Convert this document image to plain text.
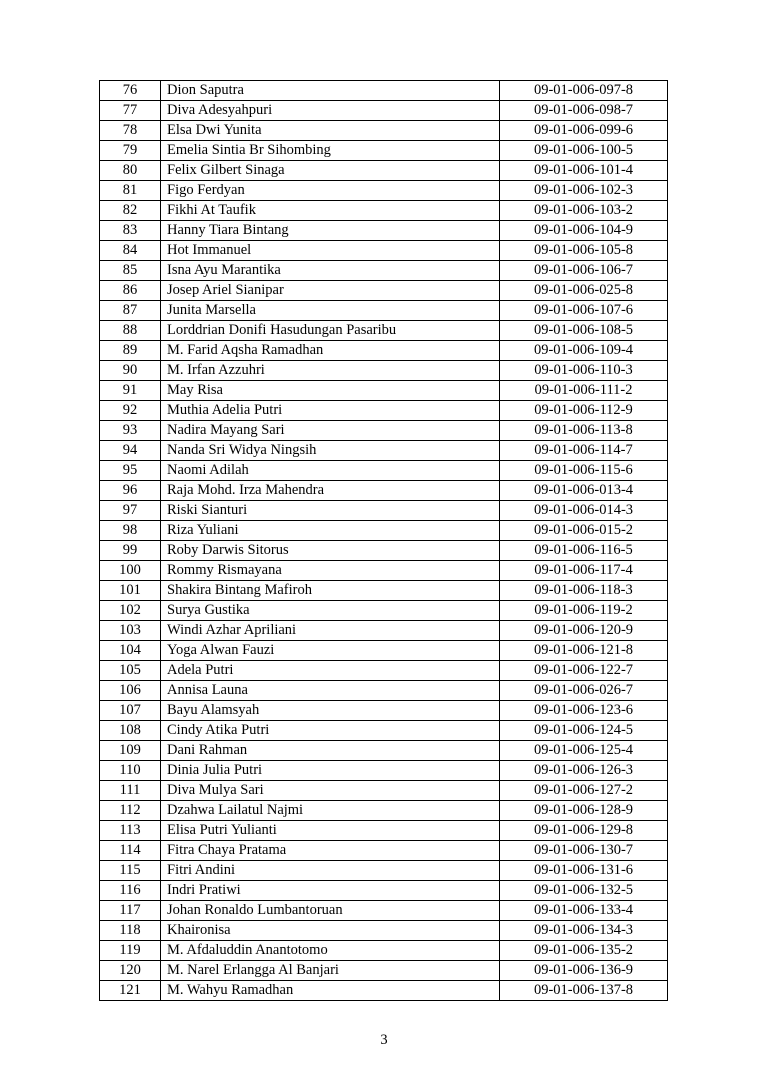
76	Dion Saputra	09-01-006-097-8
77	Diva Adesyahpuri	09-01-006-098-7
78	Elsa Dwi Yunita	09-01-006-099-6
79	Emelia Sintia Br Sihombing	09-01-006-100-5
80	Felix Gilbert Sinaga	09-01-006-101-4
81	Figo Ferdyan	09-01-006-102-3
82	Fikhi At Taufik	09-01-006-103-2
83	Hanny Tiara Bintang	09-01-006-104-9
84	Hot Immanuel	09-01-006-105-8
85	Isna Ayu Marantika	09-01-006-106-7
86	Josep Ariel Sianipar	09-01-006-025-8
87	Junita Marsella	09-01-006-107-6
88	Lorddrian Donifi Hasudungan Pasaribu	09-01-006-108-5
89	M. Farid Aqsha Ramadhan	09-01-006-109-4
90	M. Irfan Azzuhri	09-01-006-110-3
91	May Risa	09-01-006-111-2
92	Muthia Adelia Putri	09-01-006-112-9
93	Nadira Mayang Sari	09-01-006-113-8
94	Nanda Sri Widya Ningsih	09-01-006-114-7
95	Naomi Adilah	09-01-006-115-6
96	Raja Mohd. Irza Mahendra	09-01-006-013-4
97	Riski Sianturi	09-01-006-014-3
98	Riza Yuliani	09-01-006-015-2
99	Roby Darwis Sitorus	09-01-006-116-5
100	Rommy Rismayana	09-01-006-117-4
101	Shakira Bintang Mafiroh	09-01-006-118-3
102	Surya Gustika	09-01-006-119-2
103	Windi Azhar Apriliani	09-01-006-120-9
104	Yoga Alwan Fauzi	09-01-006-121-8
105	Adela Putri	09-01-006-122-7
106	Annisa Launa	09-01-006-026-7
107	Bayu Alamsyah	09-01-006-123-6
108	Cindy Atika Putri	09-01-006-124-5
109	Dani Rahman	09-01-006-125-4
110	Dinia Julia Putri	09-01-006-126-3
111	Diva Mulya Sari	09-01-006-127-2
112	Dzahwa Lailatul Najmi	09-01-006-128-9
113	Elisa Putri Yulianti	09-01-006-129-8
114	Fitra Chaya Pratama	09-01-006-130-7
115	Fitri Andini	09-01-006-131-6
116	Indri Pratiwi	09-01-006-132-5
117	Johan Ronaldo Lumbantoruan	09-01-006-133-4
118	Khaironisa	09-01-006-134-3
119	M. Afdaluddin Anantotomo	09-01-006-135-2
120	M. Narel Erlangga Al Banjari	09-01-006-136-9
121	M. Wahyu Ramadhan	09-01-006-137-8
3
